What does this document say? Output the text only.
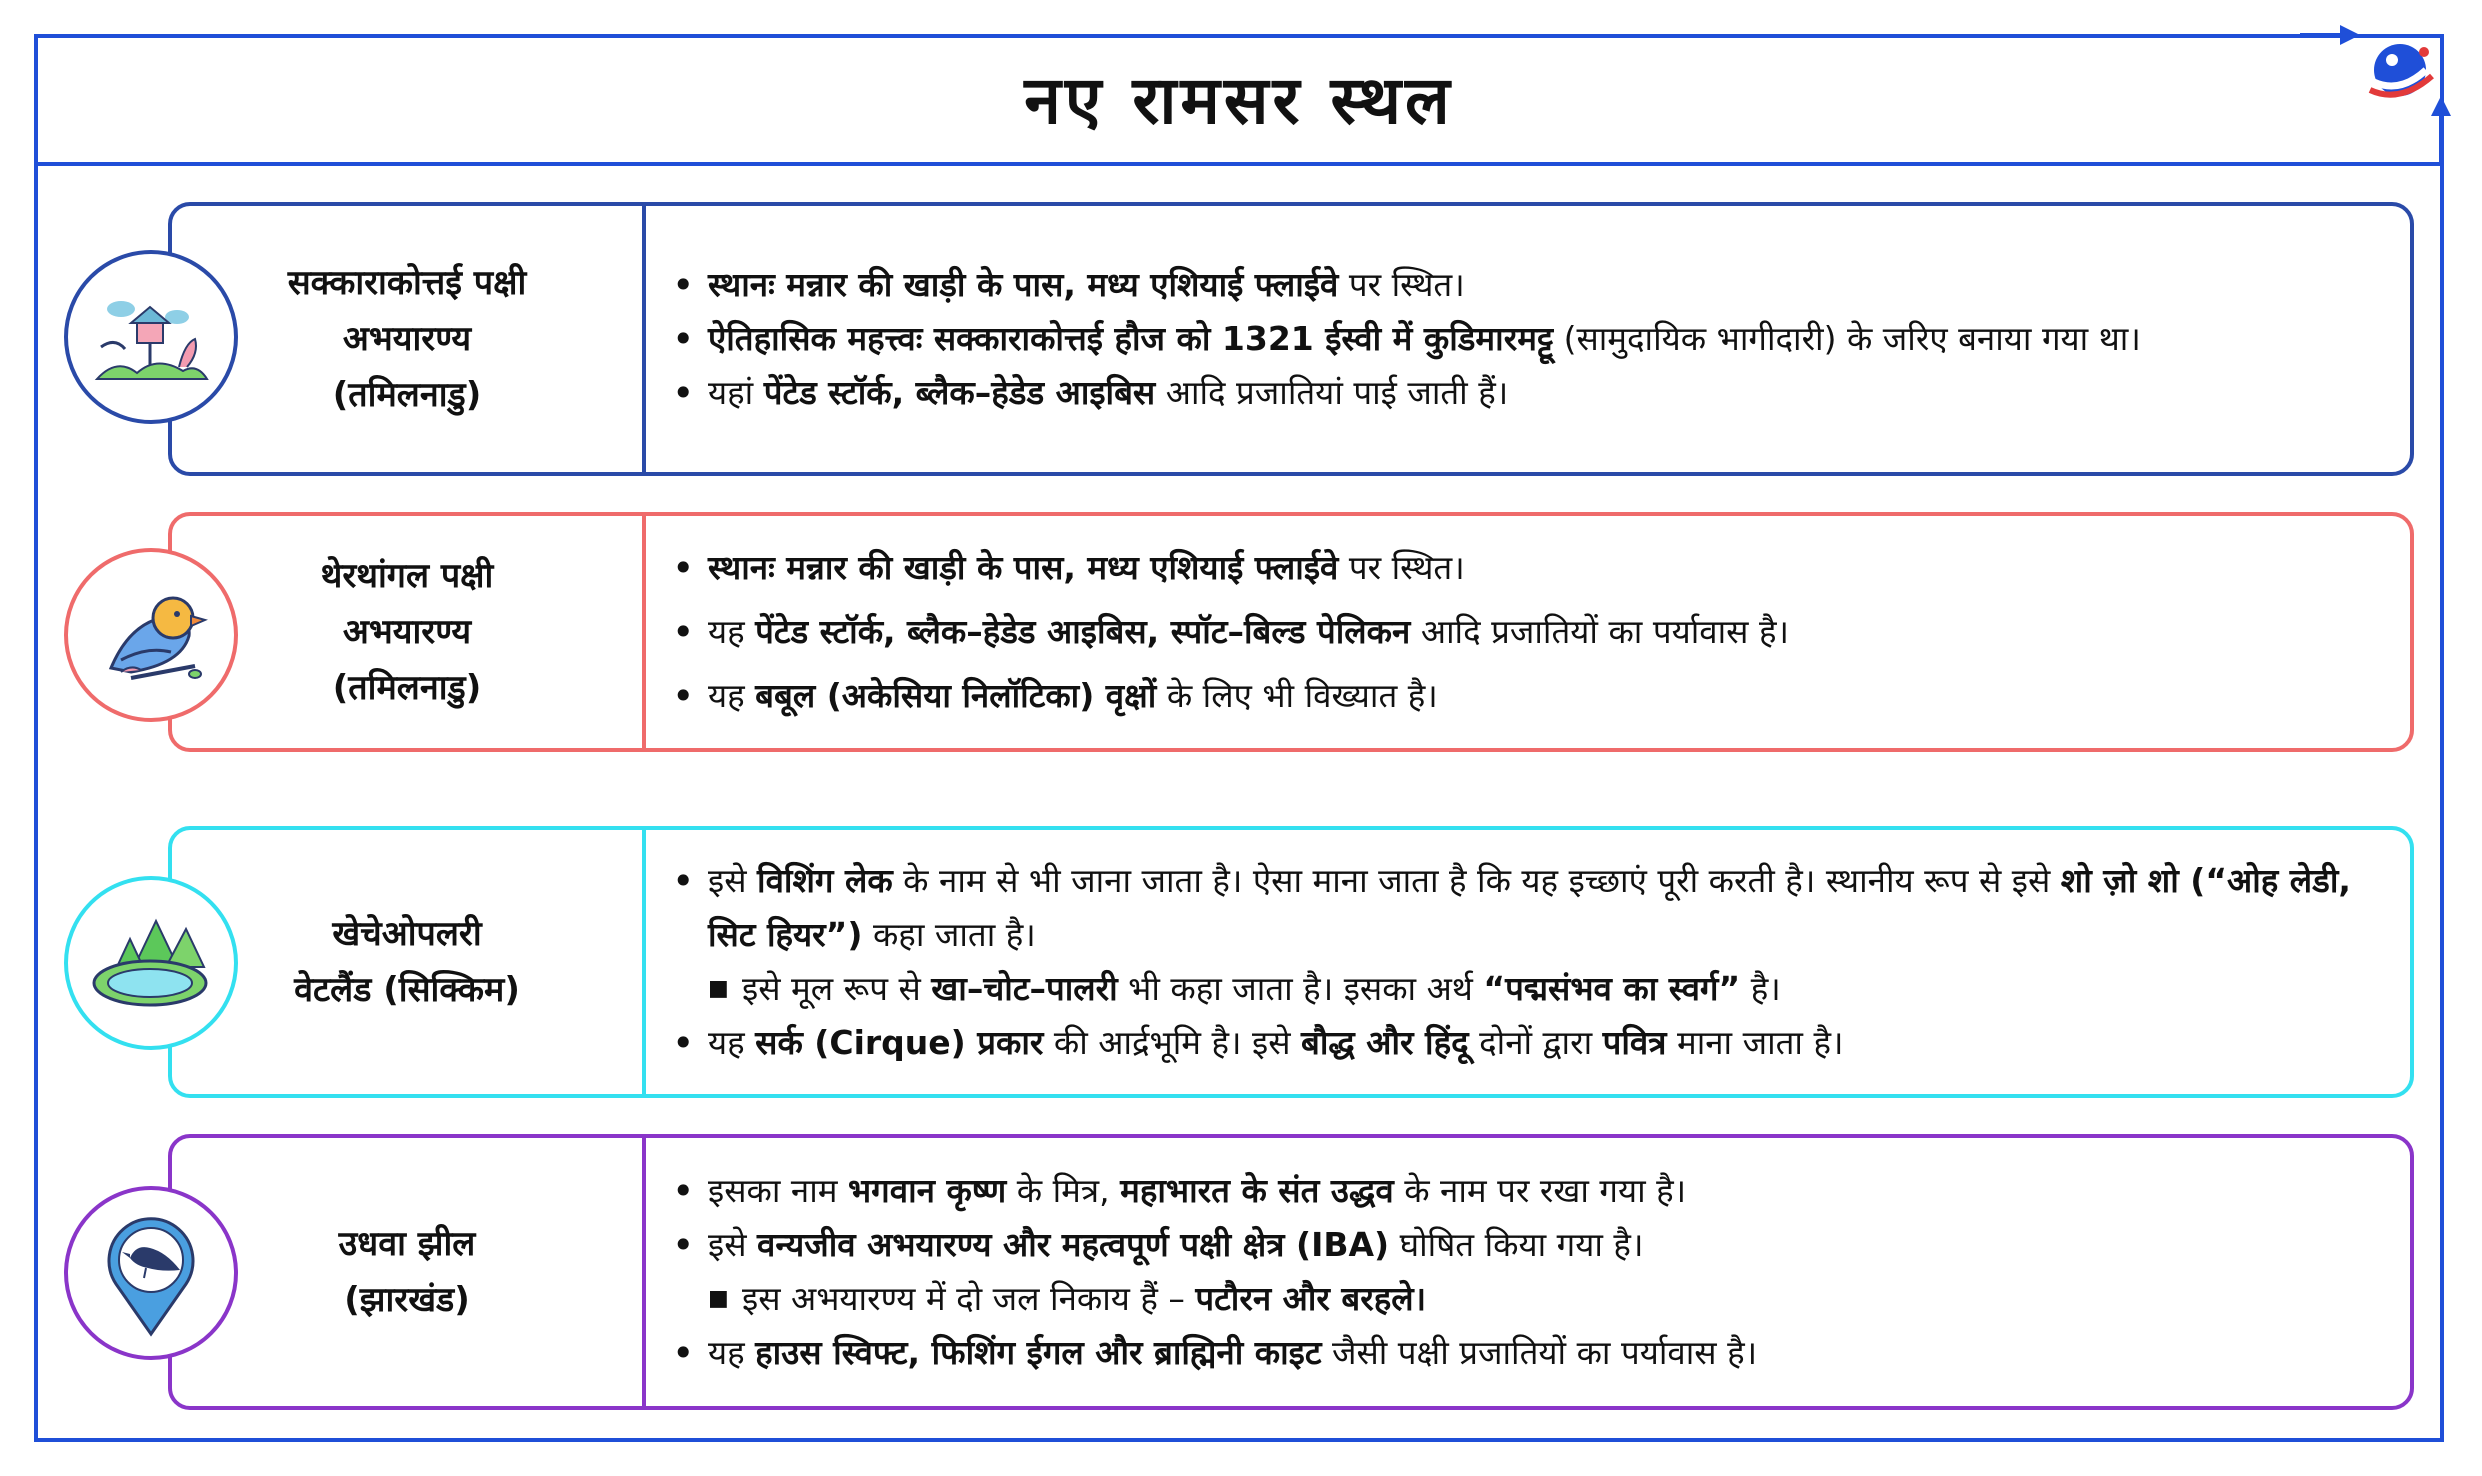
नए रामसर स्थल
सक्काराकोत्तई पक्षी
अभयारण्य
(तमिलनाडु)
• स्थानः मन्नार की खाड़ी के पास, मध्य एशियाई फ्लाईवे पर स्थित।
• ऐतिहासिक महत्त्वः सक्काराकोत्तई हौज को 1321 ईस्वी में कुडिमारमट्टू (सामुदायिक भागीदारी) के जरिए बनाया गया था।
• यहां पेंटेड स्टॉर्क, ब्लैक–हेडेड आइबिस आदि प्रजातियां पाई जाती हैं।
थेरथांगल पक्षी
अभयारण्य
(तमिलनाडु)
• स्थानः मन्नार की खाड़ी के पास, मध्य एशियाई फ्लाईवे पर स्थित।
• यह पेंटेड स्टॉर्क, ब्लैक–हेडेड आइबिस, स्पॉट–बिल्ड पेलिकन आदि प्रजातियों का पर्यावास है।
• यह बबूल (अकेसिया निलॉटिका) वृक्षों के लिए भी विख्यात है।
खेचेओपलरी
वेटलैंड (सिक्किम)
• इसे विशिंग लेक के नाम से भी जाना जाता है। ऐसा माना जाता है कि यह इच्छाएं पूरी करती है। स्थानीय रूप से इसे शो ज़ो शो (“ओह लेडी, सिट हियर”) कहा जाता है।
■ इसे मूल रूप से खा–चोट–पालरी भी कहा जाता है। इसका अर्थ “पद्मसंभव का स्वर्ग” है।
• यह सर्क (Cirque) प्रकार की आर्द्रभूमि है। इसे बौद्ध और हिंदू दोनों द्वारा पवित्र माना जाता है।
उधवा झील
(झारखंड)
• इसका नाम भगवान कृष्ण के मित्र, महाभारत के संत उद्धव के नाम पर रखा गया है।
• इसे वन्यजीव अभयारण्य और महत्वपूर्ण पक्षी क्षेत्र (IBA) घोषित किया गया है।
■ इस अभयारण्य में दो जल निकाय हैं – पटौरन और बरहले।
• यह हाउस स्विफ्ट, फिशिंग ईगल और ब्राह्मिनी काइट जैसी पक्षी प्रजातियों का पर्यावास है।
